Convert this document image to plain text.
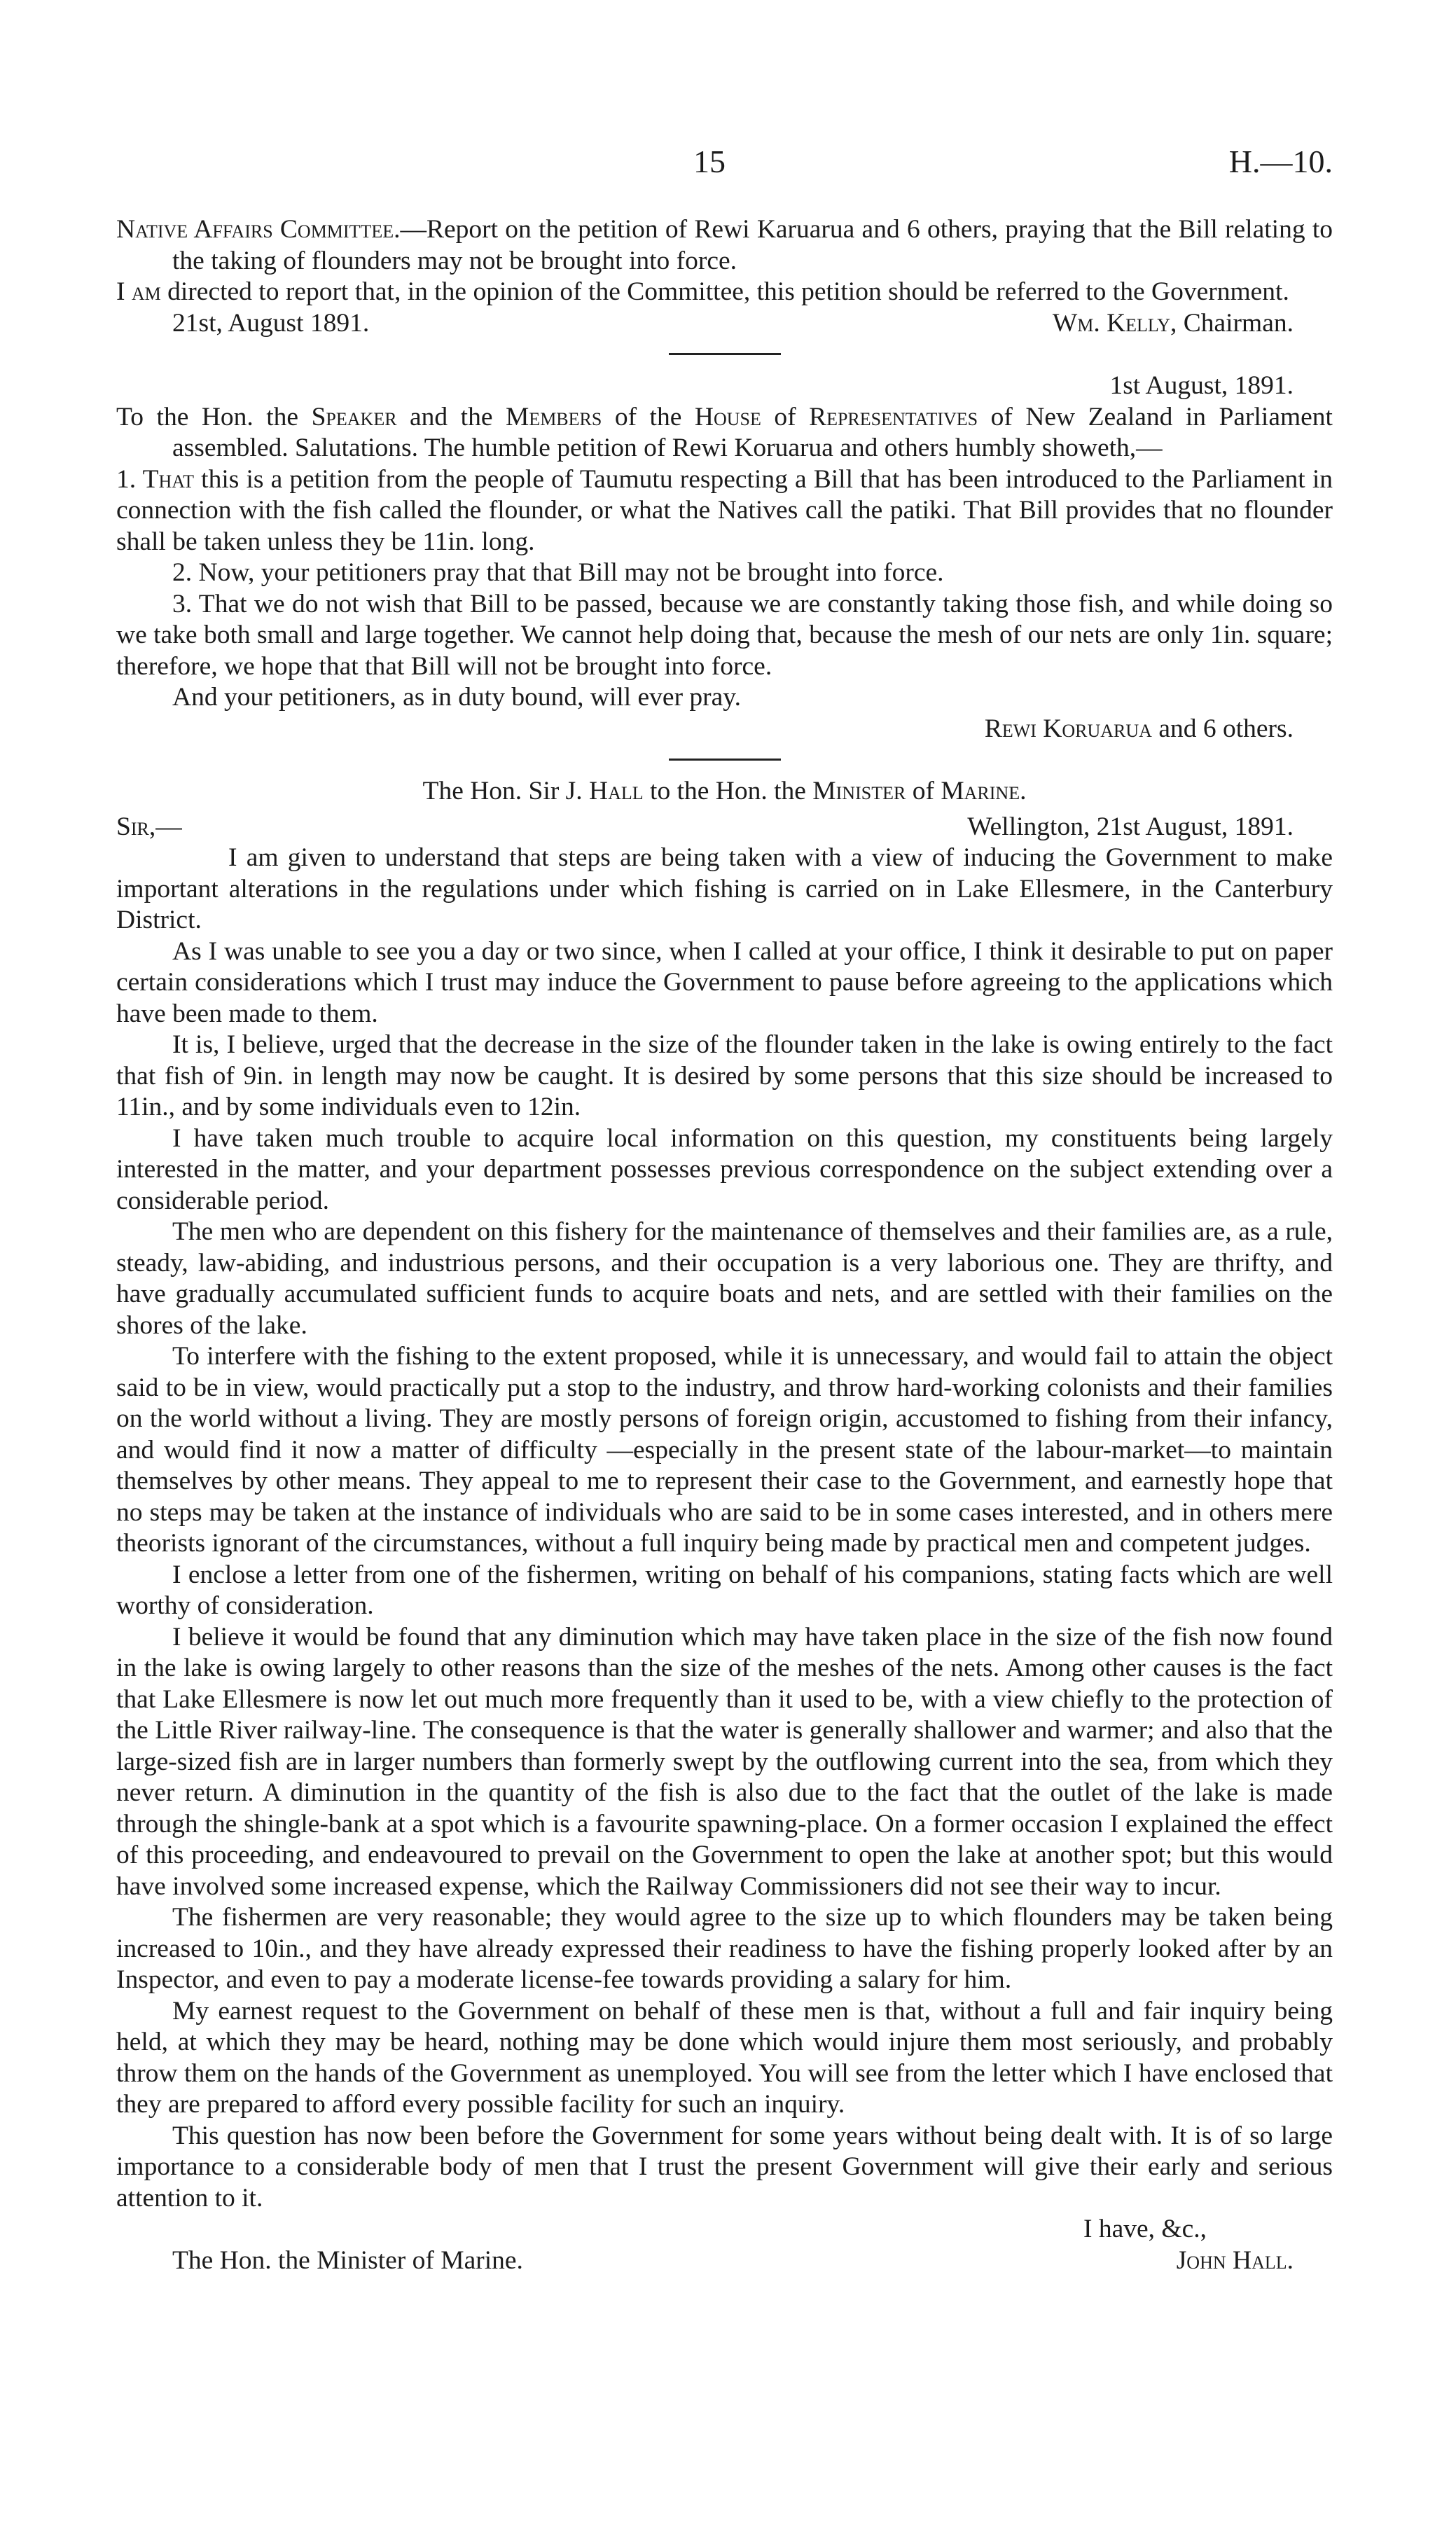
15	H.—10.

Native Affairs Committee.—Report on the petition of Rewi Karuarua and 6 others, praying that the Bill relating to the taking of flounders may not be brought into force.

I am directed to report that, in the opinion of the Committee, this petition should be referred to the Government.

21st, August 1891.	Wm. Kelly, Chairman.

1st August, 1891.

To the Hon. the Speaker and the Members of the House of Representatives of New Zealand in Parliament assembled. Salutations. The humble petition of Rewi Koruarua and others humbly showeth,—

1. That this is a petition from the people of Taumutu respecting a Bill that has been introduced to the Parliament in connection with the fish called the flounder, or what the Natives call the patiki. That Bill provides that no flounder shall be taken unless they be 11in. long.

2. Now, your petitioners pray that that Bill may not be brought into force.

3. That we do not wish that Bill to be passed, because we are constantly taking those fish, and while doing so we take both small and large together. We cannot help doing that, because the mesh of our nets are only 1in. square; therefore, we hope that that Bill will not be brought into force.

And your petitioners, as in duty bound, will ever pray.

Rewi Koruarua and 6 others.

The Hon. Sir J. Hall to the Hon. the Minister of Marine.

Sir,—	Wellington, 21st August, 1891.

I am given to understand that steps are being taken with a view of inducing the Government to make important alterations in the regulations under which fishing is carried on in Lake Ellesmere, in the Canterbury District.

As I was unable to see you a day or two since, when I called at your office, I think it desirable to put on paper certain considerations which I trust may induce the Government to pause before agreeing to the applications which have been made to them.

It is, I believe, urged that the decrease in the size of the flounder taken in the lake is owing entirely to the fact that fish of 9in. in length may now be caught. It is desired by some persons that this size should be increased to 11in., and by some individuals even to 12in.

I have taken much trouble to acquire local information on this question, my constituents being largely interested in the matter, and your department possesses previous correspondence on the subject extending over a considerable period.

The men who are dependent on this fishery for the maintenance of themselves and their families are, as a rule, steady, law-abiding, and industrious persons, and their occupation is a very laborious one. They are thrifty, and have gradually accumulated sufficient funds to acquire boats and nets, and are settled with their families on the shores of the lake.

To interfere with the fishing to the extent proposed, while it is unnecessary, and would fail to attain the object said to be in view, would practically put a stop to the industry, and throw hard-working colonists and their families on the world without a living. They are mostly persons of foreign origin, accustomed to fishing from their infancy, and would find it now a matter of difficulty —especially in the present state of the labour-market—to maintain themselves by other means. They appeal to me to represent their case to the Government, and earnestly hope that no steps may be taken at the instance of individuals who are said to be in some cases interested, and in others mere theorists ignorant of the circumstances, without a full inquiry being made by practical men and competent judges.

I enclose a letter from one of the fishermen, writing on behalf of his companions, stating facts which are well worthy of consideration.

I believe it would be found that any diminution which may have taken place in the size of the fish now found in the lake is owing largely to other reasons than the size of the meshes of the nets. Among other causes is the fact that Lake Ellesmere is now let out much more frequently than it used to be, with a view chiefly to the protection of the Little River railway-line. The consequence is that the water is generally shallower and warmer; and also that the large-sized fish are in larger numbers than formerly swept by the outflowing current into the sea, from which they never return. A diminution in the quantity of the fish is also due to the fact that the outlet of the lake is made through the shingle-bank at a spot which is a favourite spawning-place. On a former occasion I explained the effect of this proceeding, and endeavoured to prevail on the Government to open the lake at another spot; but this would have involved some increased expense, which the Railway Commissioners did not see their way to incur.

The fishermen are very reasonable; they would agree to the size up to which flounders may be taken being increased to 10in., and they have already expressed their readiness to have the fishing properly looked after by an Inspector, and even to pay a moderate license-fee towards providing a salary for him.

My earnest request to the Government on behalf of these men is that, without a full and fair inquiry being held, at which they may be heard, nothing may be done which would injure them most seriously, and probably throw them on the hands of the Government as unemployed. You will see from the letter which I have enclosed that they are prepared to afford every possible facility for such an inquiry.

This question has now been before the Government for some years without being dealt with. It is of so large importance to a considerable body of men that I trust the present Government will give their early and serious attention to it.

I have, &c.,

The Hon. the Minister of Marine.	John Hall.
